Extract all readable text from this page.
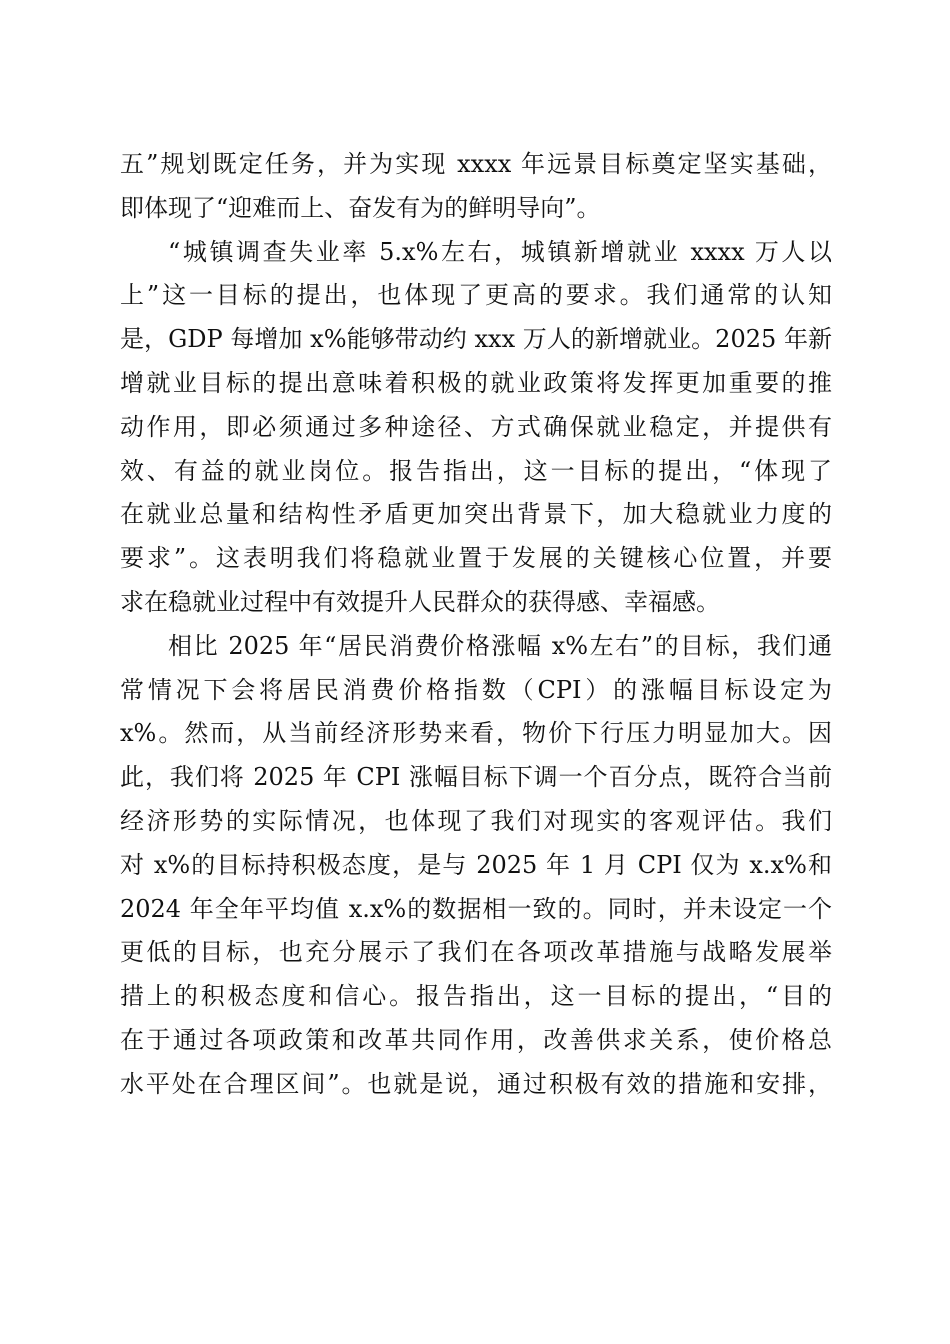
五”规划既定任务，并为实现 xxxx 年远景目标奠定坚实基础，
即体现了“迎难而上、奋发有为的鲜明导向”。
“城镇调查失业率 5.x%左右，城镇新增就业 xxxx 万人以
上”这一目标的提出，也体现了更高的要求。我们通常的认知
是，GDP 每增加 x%能够带动约 xxx 万人的新增就业。2025 年新
增就业目标的提出意味着积极的就业政策将发挥更加重要的推
动作用，即必须通过多种途径、方式确保就业稳定，并提供有
效、有益的就业岗位。报告指出，这一目标的提出，“体现了
在就业总量和结构性矛盾更加突出背景下，加大稳就业力度的
要求”。这表明我们将稳就业置于发展的关键核心位置，并要
求在稳就业过程中有效提升人民群众的获得感、幸福感。
相比 2025 年“居民消费价格涨幅 x%左右”的目标，我们通
常情况下会将居民消费价格指数（CPI）的涨幅目标设定为
x%。然而，从当前经济形势来看，物价下行压力明显加大。因
此，我们将 2025 年 CPI 涨幅目标下调一个百分点，既符合当前
经济形势的实际情况，也体现了我们对现实的客观评估。我们
对 x%的目标持积极态度，是与 2025 年 1 月 CPI 仅为 x.x%和
2024 年全年平均值 x.x%的数据相一致的。同时，并未设定一个
更低的目标，也充分展示了我们在各项改革措施与战略发展举
措上的积极态度和信心。报告指出，这一目标的提出，“目的
在于通过各项政策和改革共同作用，改善供求关系，使价格总
水平处在合理区间”。也就是说，通过积极有效的措施和安排，
